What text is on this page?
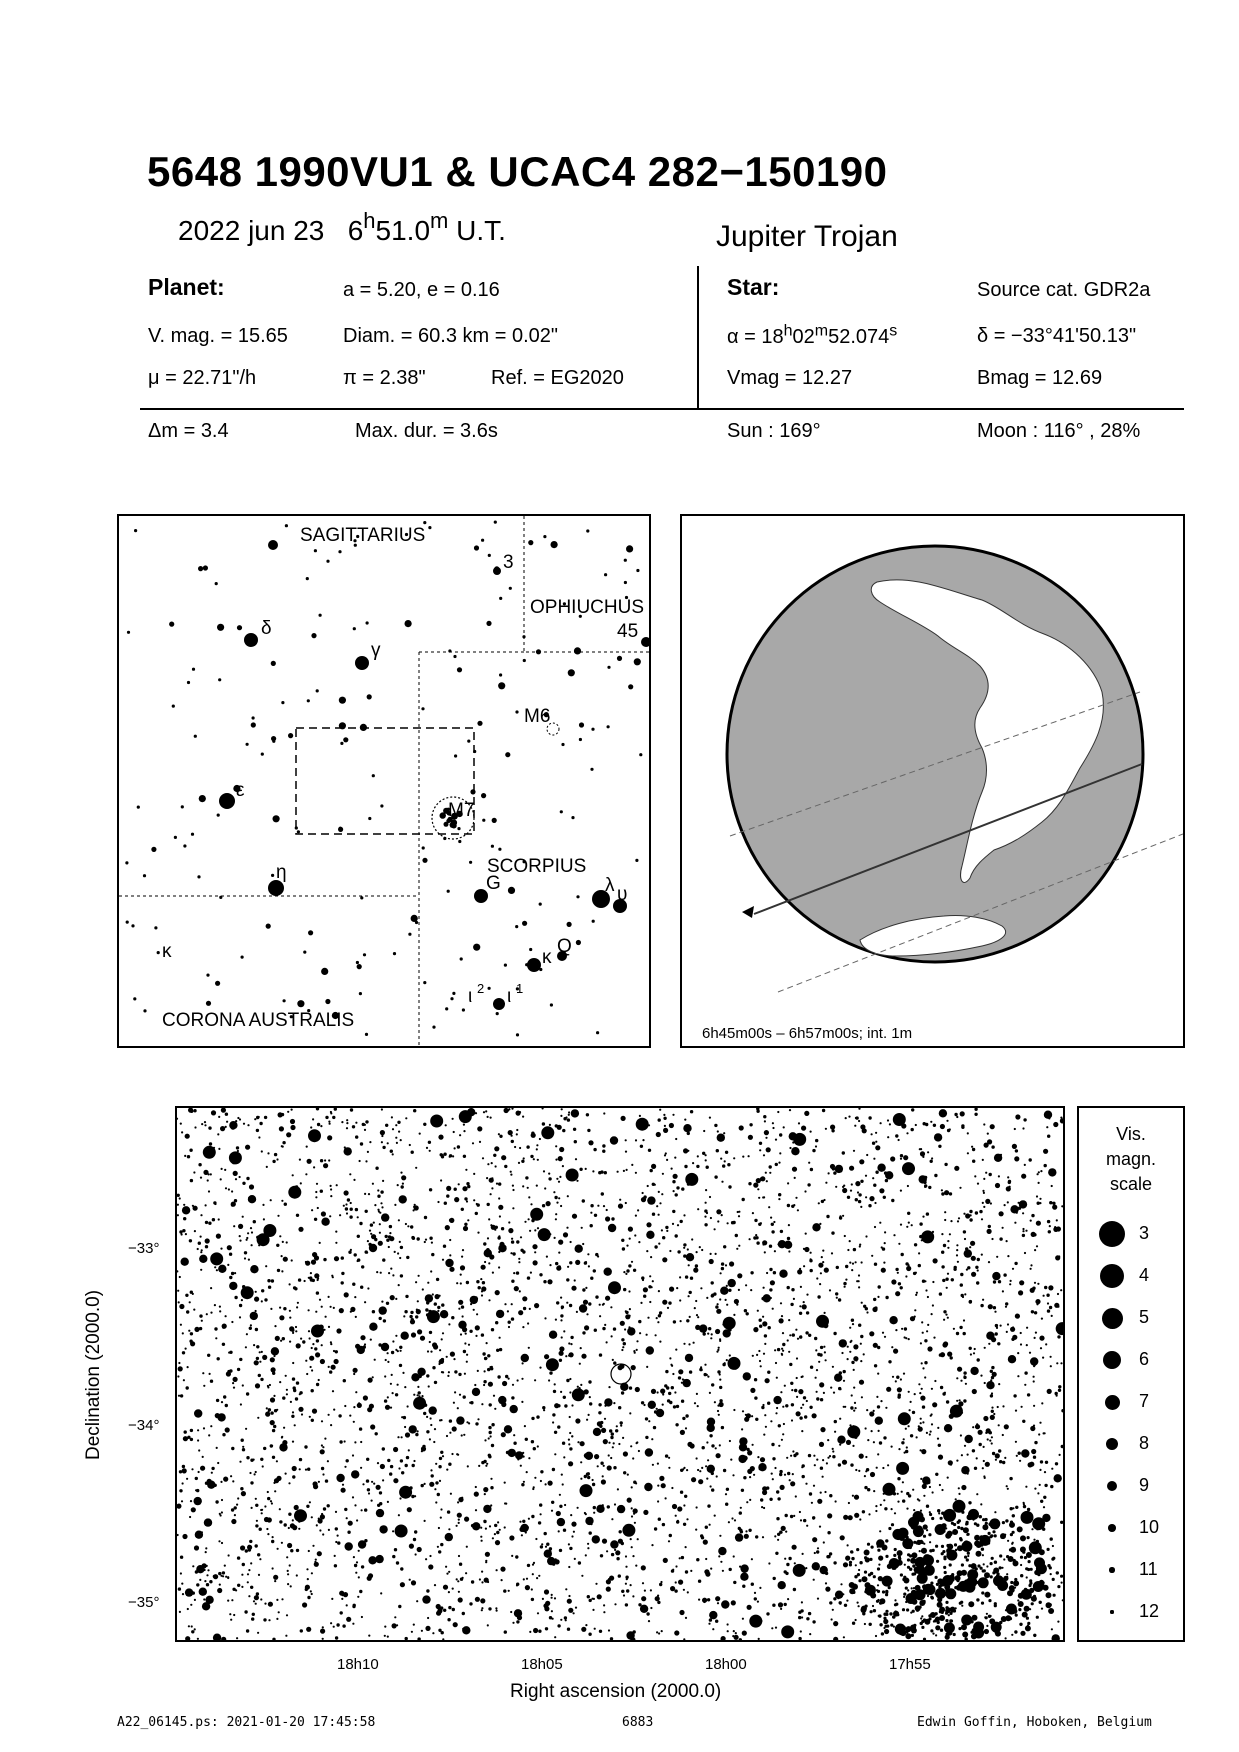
5648 1990VU1 & UCAC4 282−150190
2022 jun 23 6$^h$51.0$^m$ U.T.	Jupiter Trojan
Planet:	a = 5.20, e = 0.16
V. mag. = 15.65	Diam. = 60.3 km = 0.02"
μ = 22.71"/h	π = 2.38"	Ref. = EG2020
Star:	Source cat. GDR2a
$\alpha = 18^h02^m52.074^s$	δ = −33°41'50.13"
Vmag = 12.27	Bmag = 12.69
Δm = 3.4	Max. dur. = 3.6s	Sun : 169°	Moon : 116° , 28%
SAGITTARIUS
OPHIUCHUS
SCORPIUS
CORONA AUSTRALIS
δ
γ
ε
η
κ
G	λ υ
κ
Q
ι 2 ι 1
3
45
M6
M7
6h45m00s – 6h57m00s; int. 1m
Declination (2000.0)
−33°
−34°
−35°
18h10	18h05	18h00	17h55
Right ascension (2000.0)
Vis.
magn.
scale
3
4
5
6
7
8
9
10
11
12
A22_06145.ps: 2021-01-20 17:45:58	6883	Edwin Goffin, Hoboken, Belgium
